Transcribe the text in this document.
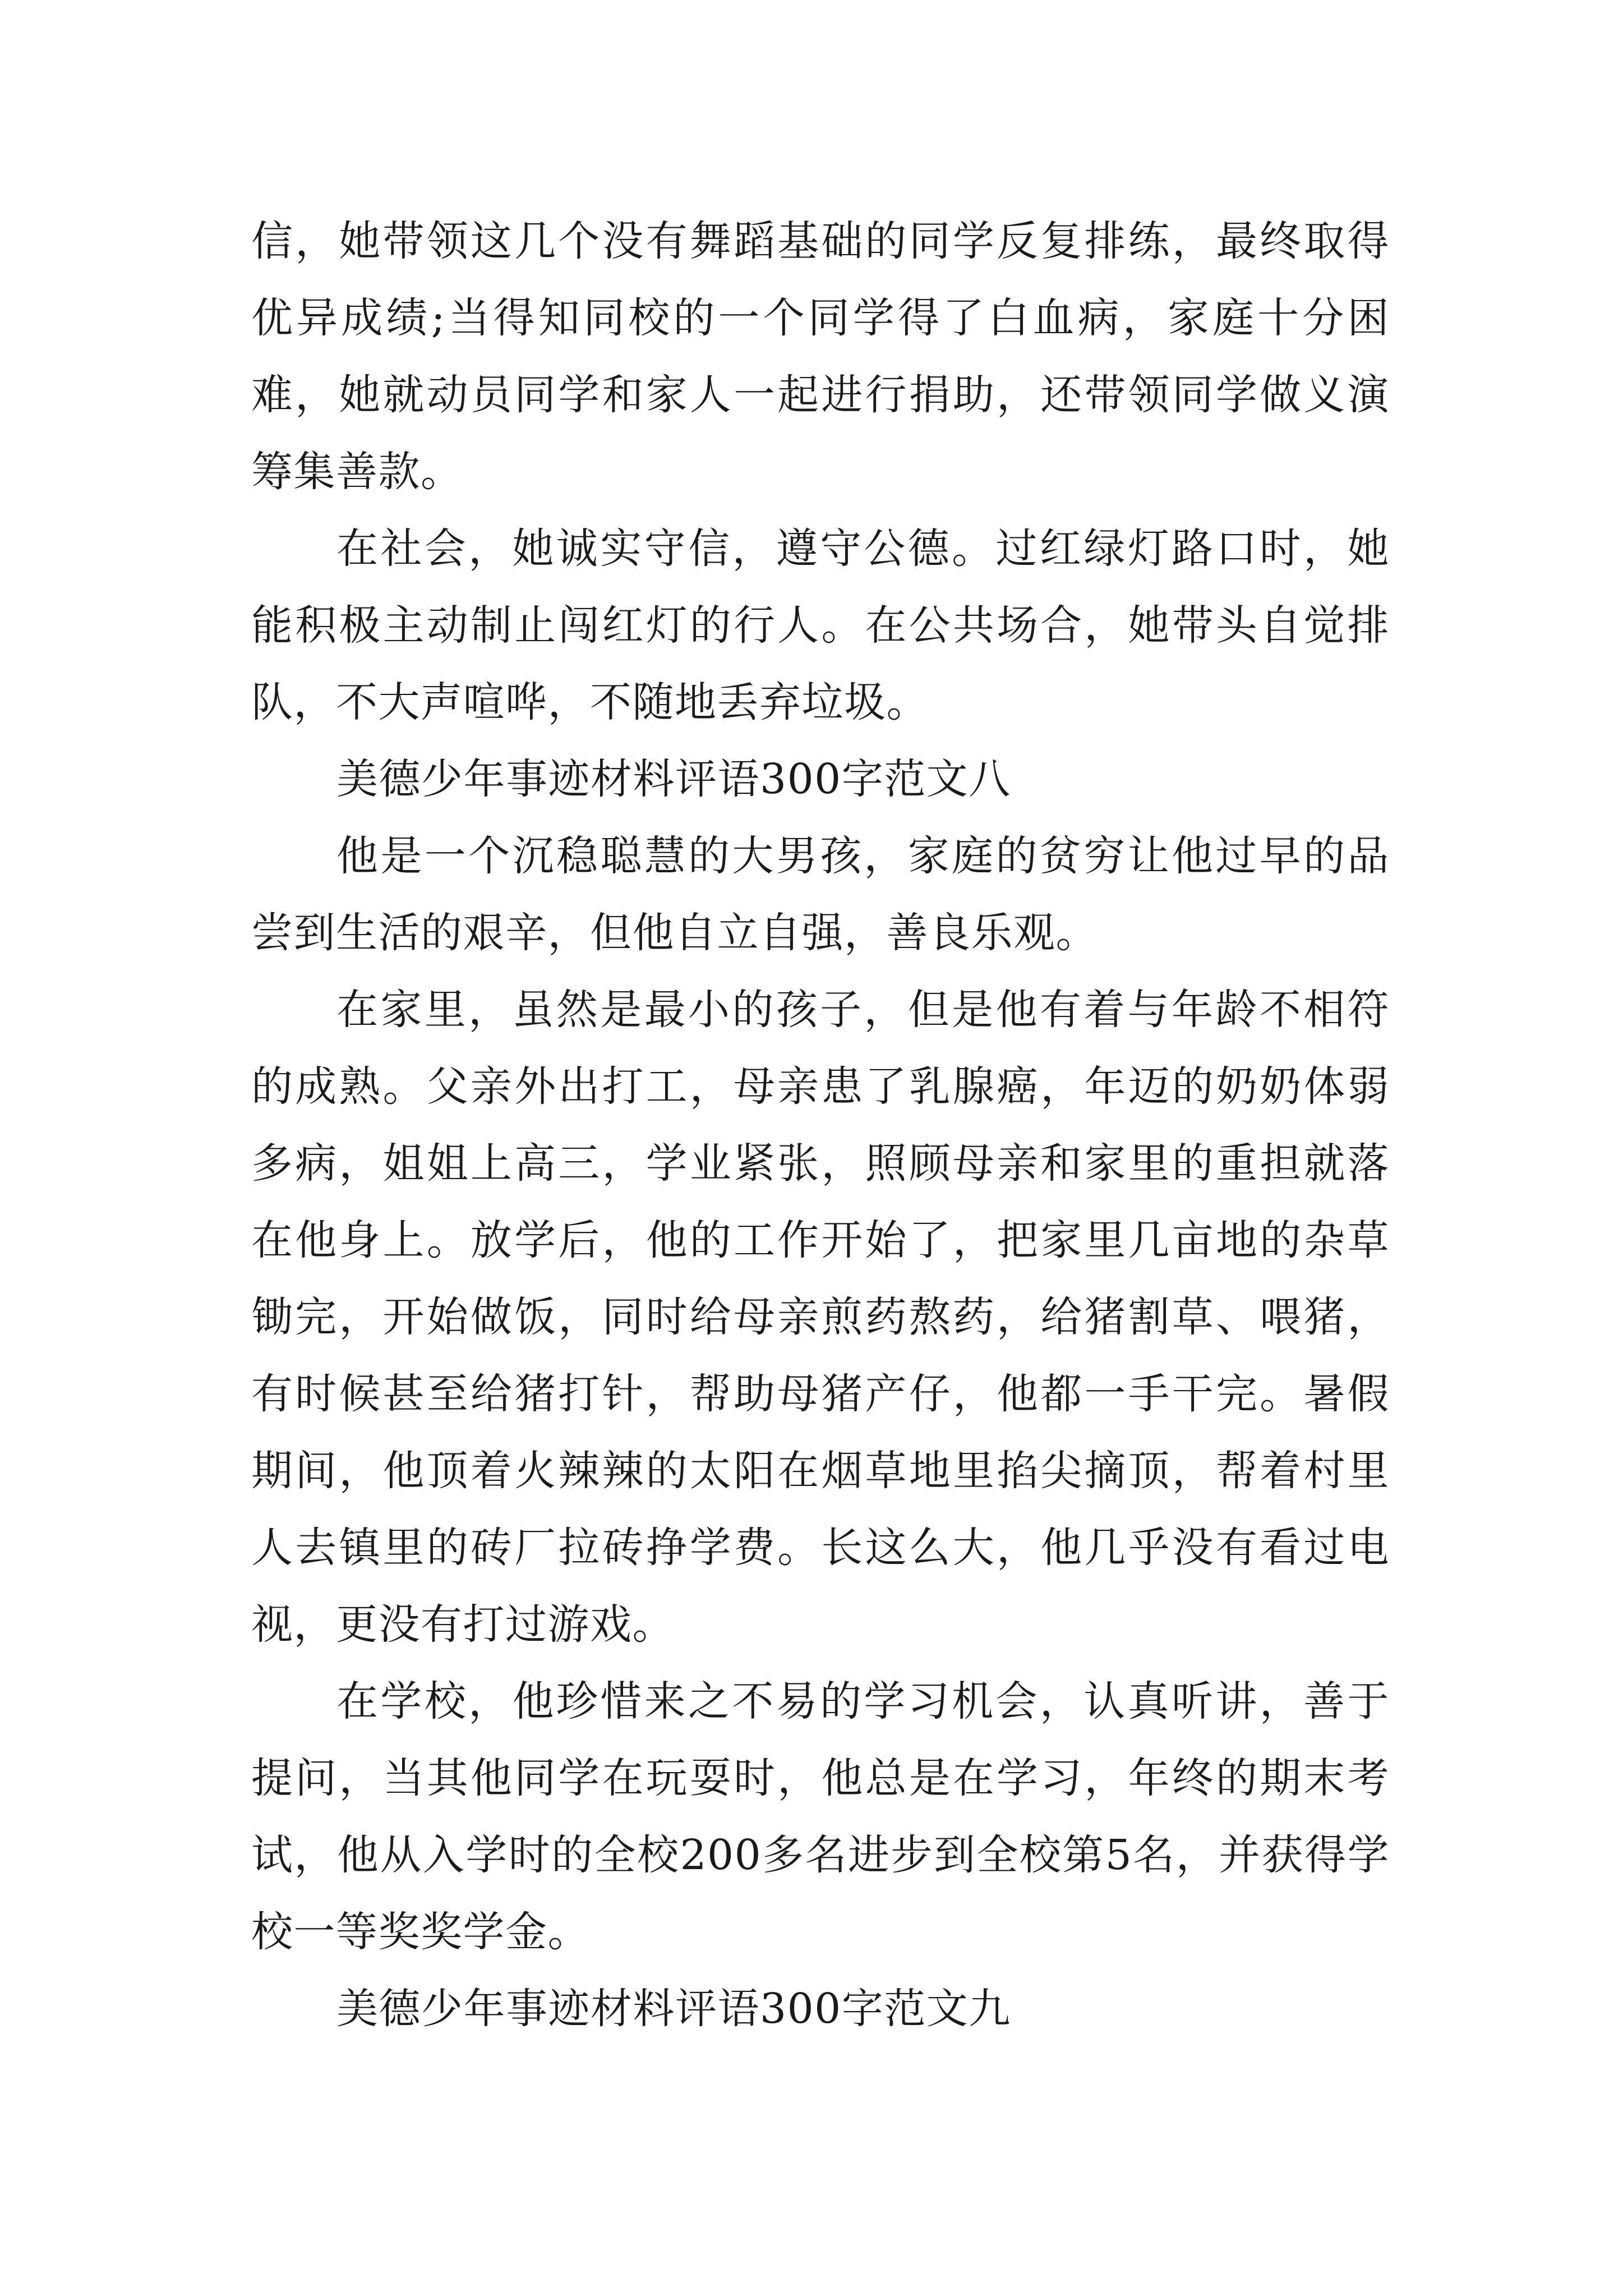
信，她带领这几个没有舞蹈基础的同学反复排练，最终取得优异成绩;当得知同校的一个同学得了白血病，家庭十分困难，她就动员同学和家人一起进行捐助，还带领同学做义演筹集善款。

在社会，她诚实守信，遵守公德。过红绿灯路口时，她能积极主动制止闯红灯的行人。在公共场合，她带头自觉排队，不大声喧哗，不随地丢弃垃圾。

美德少年事迹材料评语300字范文八

他是一个沉稳聪慧的大男孩，家庭的贫穷让他过早的品尝到生活的艰辛，但他自立自强，善良乐观。

在家里，虽然是最小的孩子，但是他有着与年龄不相符的成熟。父亲外出打工，母亲患了乳腺癌，年迈的奶奶体弱多病，姐姐上高三，学业紧张，照顾母亲和家里的重担就落在他身上。放学后，他的工作开始了，把家里几亩地的杂草锄完，开始做饭，同时给母亲煎药熬药，给猪割草、喂猪，有时候甚至给猪打针，帮助母猪产仔，他都一手干完。暑假期间，他顶着火辣辣的太阳在烟草地里掐尖摘顶，帮着村里人去镇里的砖厂拉砖挣学费。长这么大，他几乎没有看过电视，更没有打过游戏。

在学校，他珍惜来之不易的学习机会，认真听讲，善于提问，当其他同学在玩耍时，他总是在学习，年终的期末考试，他从入学时的全校200多名进步到全校第5名，并获得学校一等奖奖学金。

美德少年事迹材料评语300字范文九
